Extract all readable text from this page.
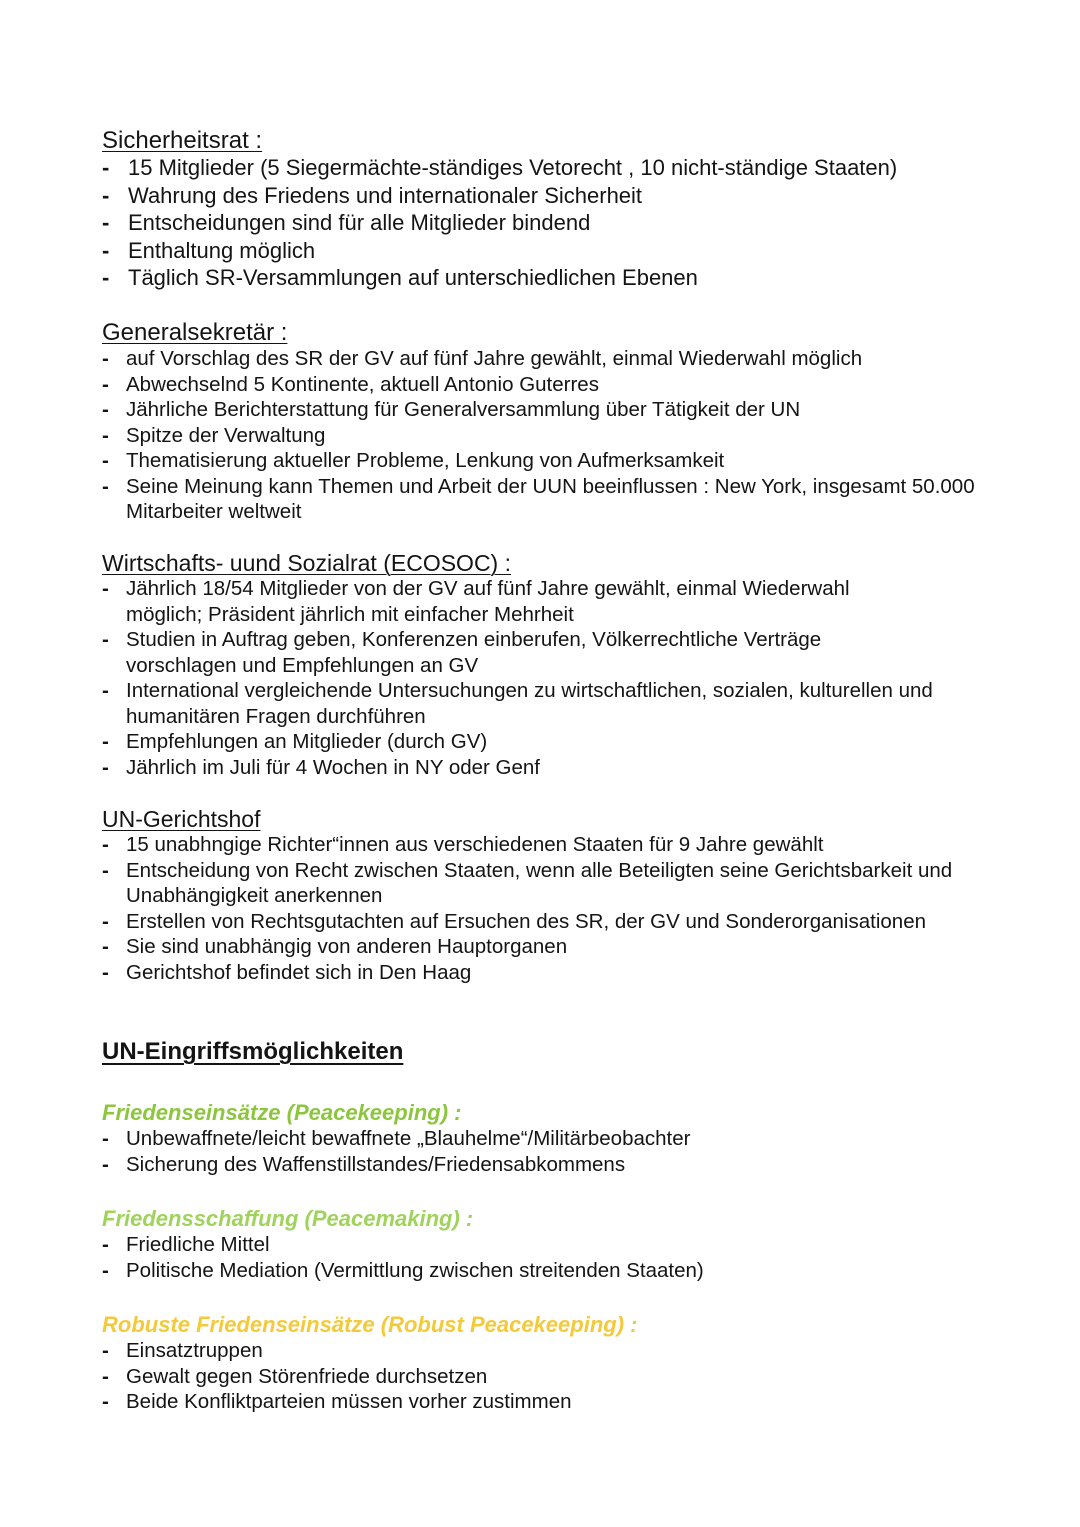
Sicherheitsrat :
- 15 Mitglieder (5 Siegermächte-ständiges Vetorecht , 10 nicht-ständige Staaten)
- Wahrung des Friedens und internationaler Sicherheit
- Entscheidungen sind für alle Mitglieder bindend
- Enthaltung möglich
- Täglich SR-Versammlungen auf unterschiedlichen Ebenen
Generalsekretär :
- auf Vorschlag des SR der GV auf fünf Jahre gewählt, einmal Wiederwahl möglich
- Abwechselnd 5 Kontinente, aktuell Antonio Guterres
- Jährliche Berichterstattung für Generalversammlung über Tätigkeit der UN
- Spitze der Verwaltung
- Thematisierung aktueller Probleme, Lenkung von Aufmerksamkeit
- Seine Meinung kann Themen und Arbeit der UUN beeinflussen : New York, insgesamt 50.000 Mitarbeiter weltweit
Wirtschafts- uund Sozialrat (ECOSOC) :
- Jährlich 18/54 Mitglieder von der GV auf fünf Jahre gewählt, einmal Wiederwahl möglich; Präsident jährlich mit einfacher Mehrheit
- Studien in Auftrag geben, Konferenzen einberufen, Völkerrechtliche Verträge vorschlagen und Empfehlungen an GV
- International vergleichende Untersuchungen zu wirtschaftlichen, sozialen, kulturellen und humanitären Fragen durchführen
- Empfehlungen an Mitglieder (durch GV)
- Jährlich im Juli für 4 Wochen in NY oder Genf
UN-Gerichtshof
- 15 unabhngige Richter“innen aus verschiedenen Staaten für 9 Jahre gewählt
- Entscheidung von Recht zwischen Staaten, wenn alle Beteiligten seine Gerichtsbarkeit und Unabhängigkeit anerkennen
- Erstellen von Rechtsgutachten auf Ersuchen des SR, der GV und Sonderorganisationen
- Sie sind unabhängig von anderen Hauptorganen
- Gerichtshof befindet sich in Den Haag
UN-Eingriffsmöglichkeiten
Friedenseinsätze (Peacekeeping) :
- Unbewaffnete/leicht bewaffnete „Blauhelme“/Militärbeobachter
- Sicherung des Waffenstillstandes/Friedensabkommens
Friedensschaffung (Peacemaking) :
- Friedliche Mittel
- Politische Mediation (Vermittlung zwischen streitenden Staaten)
Robuste Friedenseinsätze (Robust Peacekeeping) :
- Einsatztruppen
- Gewalt gegen Störenfriede durchsetzen
- Beide Konfliktparteien müssen vorher zustimmen
